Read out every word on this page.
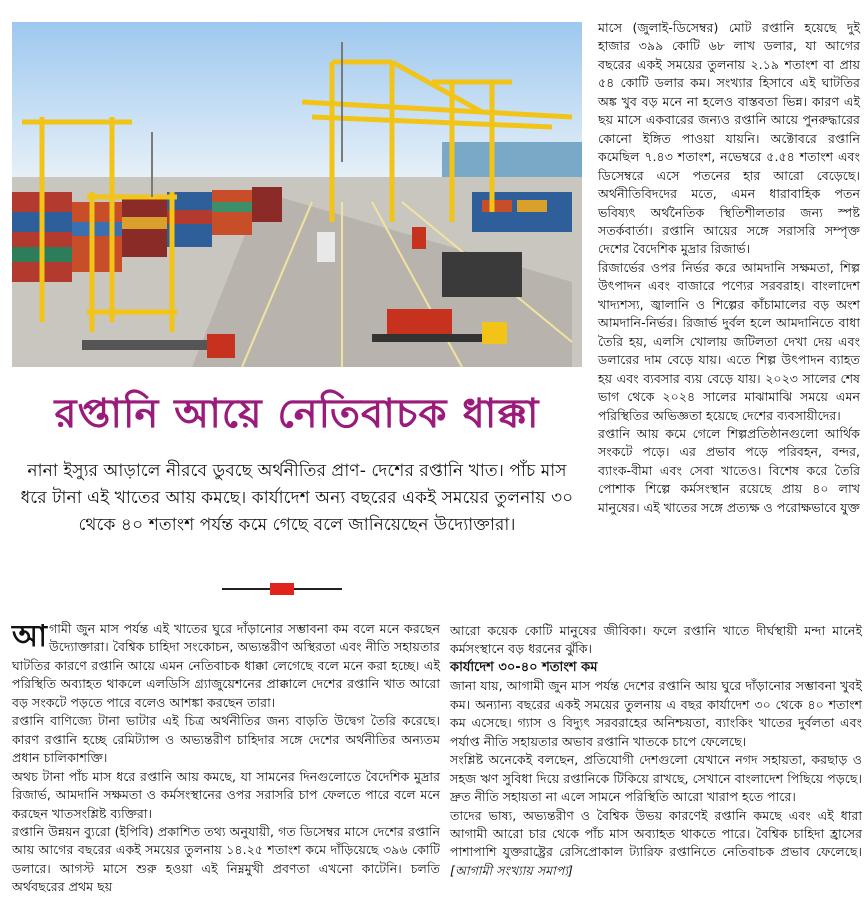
রপ্তানি আয়ে নেতিবাচক ধাক্কা

নানা ইস্যুর আড়ালে নীরবে ডুবছে অর্থনীতির প্রাণ- দেশের রপ্তানি খাত। পাঁচ মাস ধরে টানা এই খাতের আয় কমছে। কার্যাদেশ অন্য বছরের একই সময়ের তুলনায় ৩০ থেকে ৪০ শতাংশ পর্যন্ত কমে গেছে বলে জানিয়েছেন উদ্যোক্তারা।

মাসে (জুলাই-ডিসেম্বর) মোট রপ্তানি হয়েছে দুই হাজার ৩৯৯ কোটি ৬৮ লাখ ডলার, যা আগের বছরের একই সময়ের তুলনায় ২.১৯ শতাংশ বা প্রায় ৫৪ কোটি ডলার কম। সংখ্যার হিসাবে এই ঘাটতির অঙ্ক খুব বড় মনে না হলেও বাস্তবতা ভিন্ন। কারণ এই ছয় মাসে একবারের জন্যও রপ্তানি আয়ে পুনরুদ্ধারের কোনো ইঙ্গিত পাওয়া যায়নি। অক্টোবরে রপ্তানি কমেছিল ৭.৪৩ শতাংশ, নভেম্বরে ৫.৫৪ শতাংশ এবং ডিসেম্বরে এসে পতনের হার আরো বেড়েছে। অর্থনীতিবিদদের মতে, এমন ধারাবাহিক পতন ভবিষ্যৎ অর্থনৈতিক স্থিতিশীলতার জন্য স্পষ্ট সতর্কবার্তা। রপ্তানি আয়ের সঙ্গে সরাসরি সম্পৃক্ত দেশের বৈদেশিক মুদ্রার রিজার্ভ।

রিজার্ভের ওপর নির্ভর করে আমদানি সক্ষমতা, শিল্প উৎপাদন এবং বাজারে পণ্যের সরবরাহ। বাংলাদেশ খাদ্যশস্য, জ্বালানি ও শিল্পের কাঁচামালের বড় অংশ আমদানি-নির্ভর। রিজার্ভ দুর্বল হলে আমদানিতে বাধা তৈরি হয়, এলসি খোলায় জটিলতা দেখা দেয় এবং ডলারের দাম বেড়ে যায়। এতে শিল্প উৎপাদন ব্যাহত হয় এবং ব্যবসার ব্যয় বেড়ে যায়। ২০২৩ সালের শেষ ভাগ থেকে ২০২৪ সালের মাঝামাঝি সময়ে এমন পরিস্থিতির অভিজ্ঞতা হয়েছে দেশের ব্যবসায়ীদের।

রপ্তানি আয় কমে গেলে শিল্পপ্রতিষ্ঠানগুলো আর্থিক সংকটে পড়ে। এর প্রভাব পড়ে পরিবহন, বন্দর, ব্যাংক-বীমা এবং সেবা খাতেও। বিশেষ করে তৈরি পোশাক শিল্পে কর্মসংস্থান রয়েছে প্রায় ৪০ লাখ মানুষের। এই খাতের সঙ্গে প্রত্যক্ষ ও পরোক্ষভাবে যুক্ত

আগামী জুন মাস পর্যন্ত এই খাতের ঘুরে দাঁড়ানোর সম্ভাবনা কম বলে মনে করছেন উদ্যোক্তারা। বৈশ্বিক চাহিদা সংকোচন, অভ্যন্তরীণ অস্থিরতা এবং নীতি সহায়তার ঘাটতির কারণে রপ্তানি আয়ে এমন নেতিবাচক ধাক্কা লেগেছে বলে মনে করা হচ্ছে। এই পরিস্থিতি অব্যাহত থাকলে এলডিসি গ্র্যাজুয়েশনের প্রাক্কালে দেশের রপ্তানি খাত আরো বড় সংকটে পড়তে পারে বলেও আশঙ্কা করছেন তারা।

রপ্তানি বাণিজ্যে টানা ভাটার এই চিত্র অর্থনীতির জন্য বাড়তি উদ্বেগ তৈরি করেছে। কারণ রপ্তানি হচ্ছে রেমিট্যান্স ও অভ্যন্তরীণ চাহিদার সঙ্গে দেশের অর্থনীতির অন্যতম প্রধান চালিকাশক্তি।

অথচ টানা পাঁচ মাস ধরে রপ্তানি আয় কমছে, যা সামনের দিনগুলোতে বৈদেশিক মুদ্রার রিজার্ভ, আমদানি সক্ষমতা ও কর্মসংস্থানের ওপর সরাসরি চাপ ফেলতে পারে বলে মনে করছেন খাতসংশ্লিষ্ট ব্যক্তিরা।

রপ্তানি উন্নয়ন ব্যুরো (ইপিবি) প্রকাশিত তথ্য অনুযায়ী, গত ডিসেম্বর মাসে দেশের রপ্তানি আয় আগের বছরের একই সময়ের তুলনায় ১৪.২৫ শতাংশ কমে দাঁড়িয়েছে ৩৯৬ কোটি ডলারে। আগস্ট মাসে শুরু হওয়া এই নিম্নমুখী প্রবণতা এখনো কাটেনি। চলতি অর্থবছরের প্রথম ছয়

আরো কয়েক কোটি মানুষের জীবিকা। ফলে রপ্তানি খাতে দীর্ঘস্থায়ী মন্দা মানেই কর্মসংস্থানে বড় ধরনের ঝুঁকি।

কার্যাদেশ ৩০-৪০ শতাংশ কম

জানা যায়, আগামী জুন মাস পর্যন্ত দেশের রপ্তানি আয় ঘুরে দাঁড়ানোর সম্ভাবনা খুবই কম। অন্যান্য বছরের একই সময়ের তুলনায় এ বছর কার্যাদেশ ৩০ থেকে ৪০ শতাংশ কম এসেছে। গ্যাস ও বিদ্যুৎ সরবরাহের অনিশ্চয়তা, ব্যাংকিং খাতের দুর্বলতা এবং পর্যাপ্ত নীতি সহায়তার অভাব রপ্তানি খাতকে চাপে ফেলেছে।

সংশ্লিষ্ট অনেকেই বলছেন, প্রতিযোগী দেশগুলো যেখানে নগদ সহায়তা, করছাড় ও সহজ ঋণ সুবিধা দিয়ে রপ্তানিকে টিকিয়ে রাখছে, সেখানে বাংলাদেশ পিছিয়ে পড়ছে। দ্রুত নীতি সহায়তা না এলে সামনে পরিস্থিতি আরো খারাপ হতে পারে।

তাদের ভাষ্য, অভ্যন্তরীণ ও বৈশ্বিক উভয় কারণেই রপ্তানি কমছে এবং এই ধারা আগামী আরো চার থেকে পাঁচ মাস অব্যাহত থাকতে পারে। বৈশ্বিক চাহিদা হ্রাসের পাশাপাশি যুক্তরাষ্ট্রের রেসিপ্রোকাল ট্যারিফ রপ্তানিতে নেতিবাচক প্রভাব ফেলেছে। [আগামী সংখ্যায় সমাপ্য]
